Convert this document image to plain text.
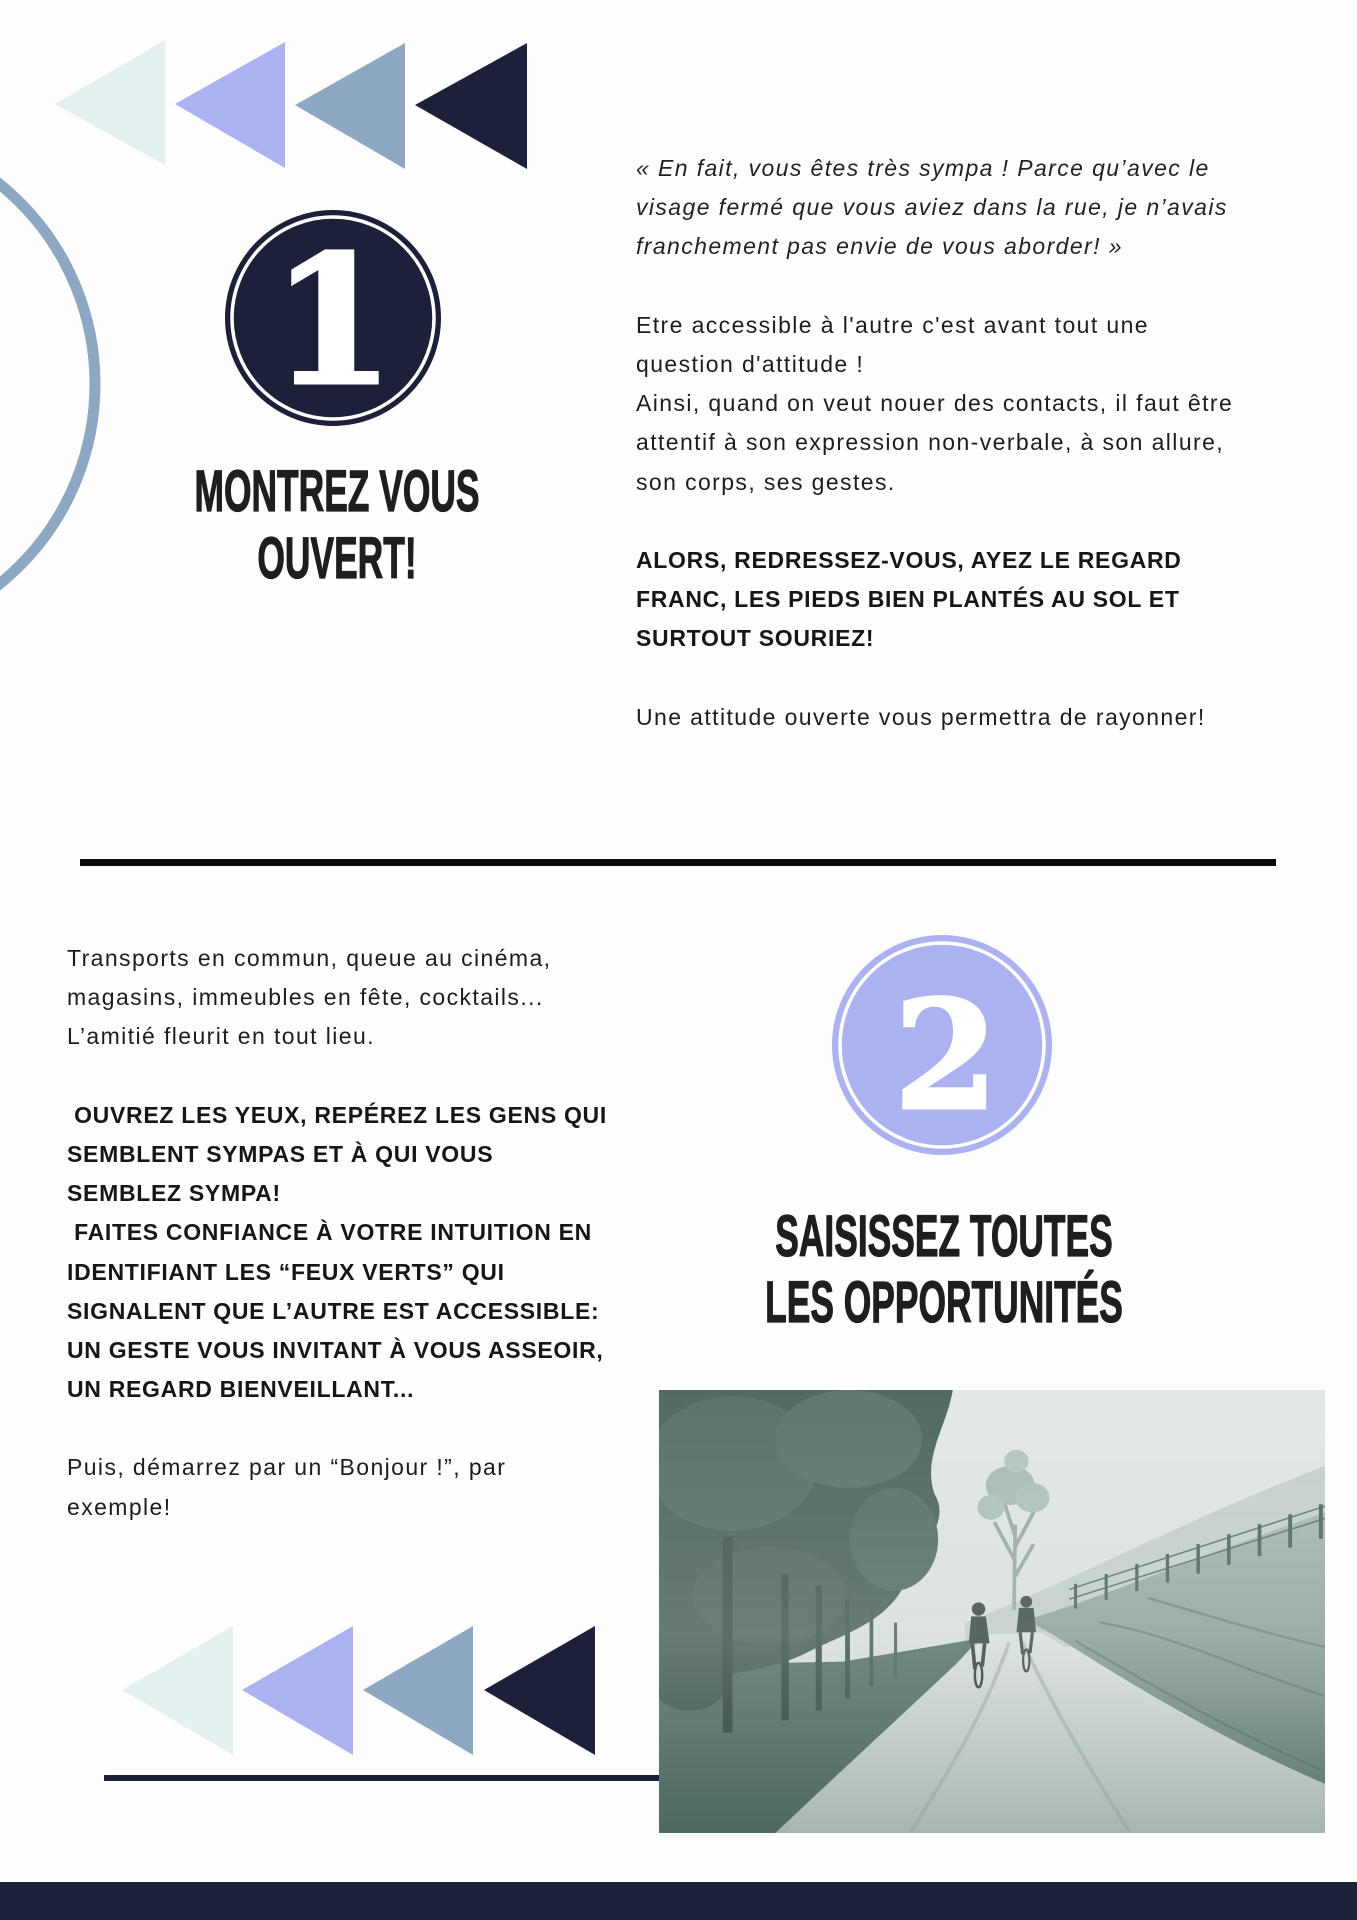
1
2
MONTREZ VOUS
OUVERT!
« En fait, vous êtes très sympa ! Parce qu’avec le
visage fermé que vous aviez dans la rue, je n’avais
franchement pas envie de vous aborder! »
Etre accessible à l'autre c'est avant tout une
question d'attitude !
Ainsi, quand on veut nouer des contacts, il faut être
attentif à son expression non-verbale, à son allure,
son corps, ses gestes.
ALORS, REDRESSEZ-VOUS, AYEZ LE REGARD
FRANC, LES PIEDS BIEN PLANTÉS AU SOL ET
SURTOUT SOURIEZ!
Une attitude ouverte vous permettra de rayonner!
Transports en commun, queue au cinéma,
magasins, immeubles en fête, cocktails...
L’amitié fleurit en tout lieu.
OUVREZ LES YEUX, REPÉREZ LES GENS QUI
SEMBLENT SYMPAS ET À QUI VOUS
SEMBLEZ SYMPA!
FAITES CONFIANCE À VOTRE INTUITION EN
IDENTIFIANT LES “FEUX VERTS” QUI
SIGNALENT QUE L’AUTRE EST ACCESSIBLE:
UN GESTE VOUS INVITANT À VOUS ASSEOIR,
UN REGARD BIENVEILLANT...
Puis, démarrez par un “Bonjour !”, par
exemple!
SAISISSEZ TOUTES
LES OPPORTUNITÉS
